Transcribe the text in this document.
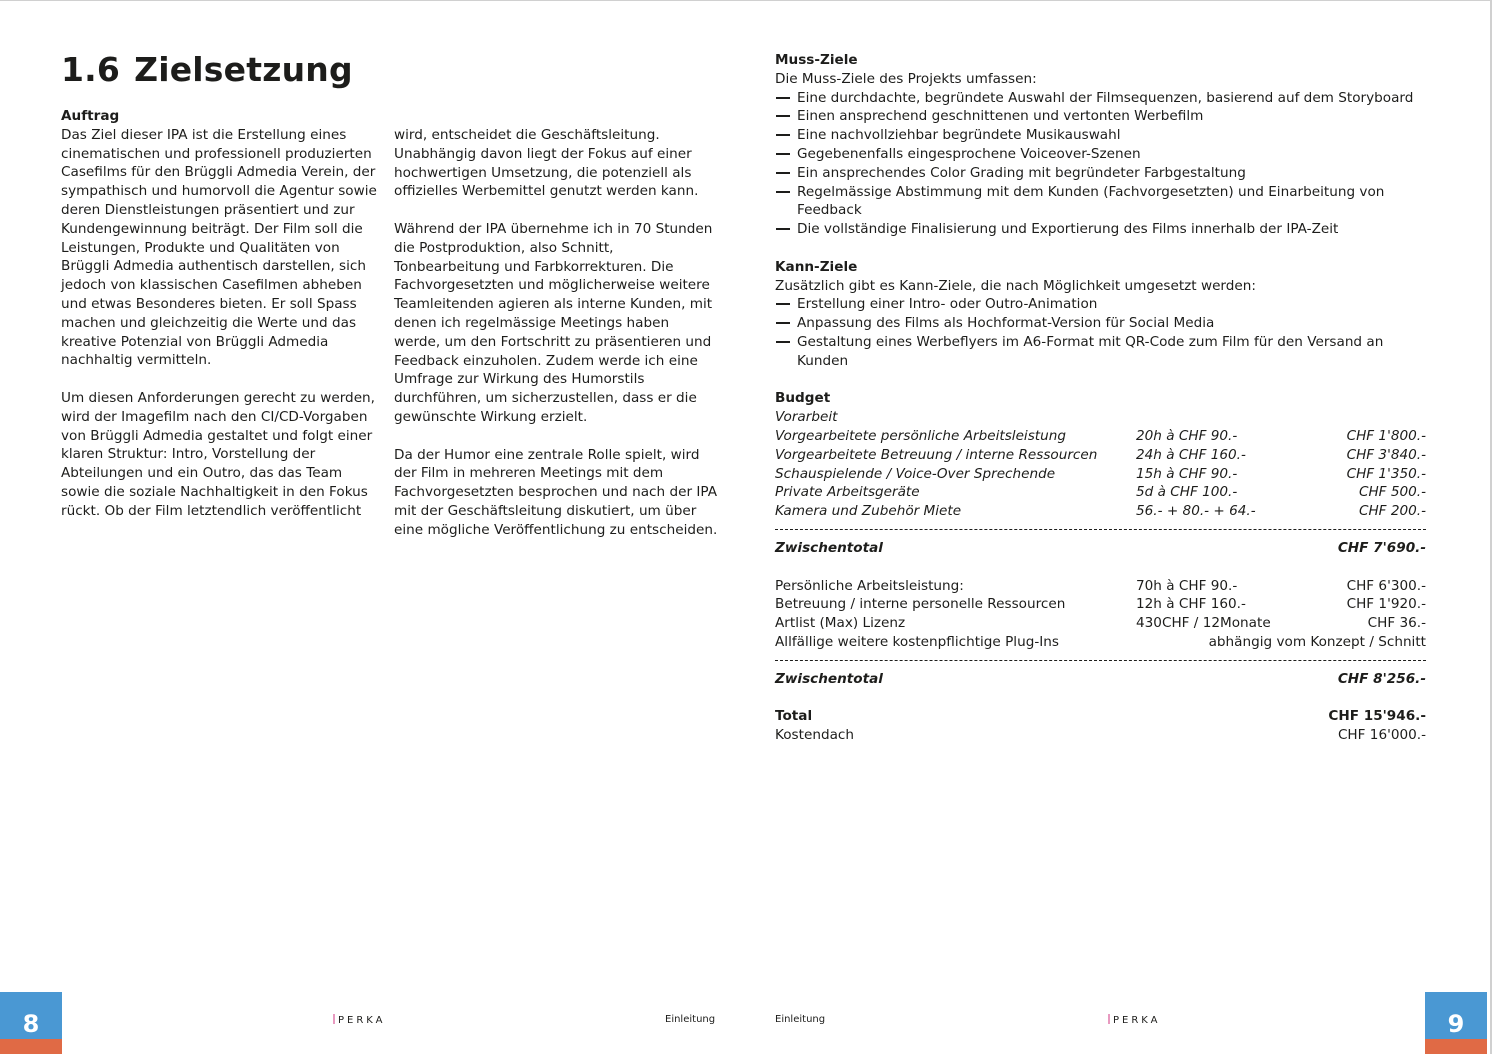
1.6 Zielsetzung
Auftrag

Das Ziel dieser IPA ist die Erstellung eines cinematischen und professionell produzierten Casefilms für den Brüggli Admedia Verein, der sympathisch und humorvoll die Agentur sowie deren Dienstleistungen präsentiert und zur Kundengewinnung beiträgt. Der Film soll die Leistungen, Produkte und Qualitäten von Brüggli Admedia authentisch darstellen, sich jedoch von klassischen Casefilmen abheben und etwas Besonderes bieten. Er soll Spass machen und gleichzeitig die Werte und das kreative Potenzial von Brüggli Admedia nachhaltig vermitteln.

Um diesen Anforderungen gerecht zu werden, wird der Imagefilm nach den CI/CD-Vorgaben von Brüggli Admedia gestaltet und folgt einer klaren Struktur: Intro, Vorstellung der Abteilungen und ein Outro, das das Team sowie die soziale Nachhaltigkeit in den Fokus rückt. Ob der Film letztendlich veröffentlicht

wird, entscheidet die Geschäftsleitung. Unabhängig davon liegt der Fokus auf einer hochwertigen Umsetzung, die potenziell als offizielles Werbemittel genutzt werden kann.

Während der IPA übernehme ich in 70 Stunden die Postproduktion, also Schnitt, Tonbearbeitung und Farbkorrekturen. Die Fachvorgesetzten und möglicherweise weitere Teamleitenden agieren als interne Kunden, mit denen ich regelmässige Meetings haben werde, um den Fortschritt zu präsentieren und Feedback einzuholen. Zudem werde ich eine Umfrage zur Wirkung des Humorstils durchführen, um sicherzustellen, dass er die gewünschte Wirkung erzielt.

Da der Humor eine zentrale Rolle spielt, wird der Film in mehreren Meetings mit dem Fachvorgesetzten besprochen und nach der IPA mit der Geschäftsleitung diskutiert, um über eine mögliche Veröffentlichung zu entscheiden.

Muss-Ziele
Die Muss-Ziele des Projekts umfassen:
Eine durchdachte, begründete Auswahl der Filmsequenzen, basierend auf dem Storyboard
Einen ansprechend geschnittenen und vertonten Werbefilm
Eine nachvollziehbar begründete Musikauswahl
Gegebenenfalls eingesprochene Voiceover-Szenen
Ein ansprechendes Color Grading mit begründeter Farbgestaltung
Regelmässige Abstimmung mit dem Kunden (Fachvorgesetzten) und Einarbeitung von Feedback
Die vollständige Finalisierung und Exportierung des Films innerhalb der IPA-Zeit
Kann-Ziele
Zusätzlich gibt es Kann-Ziele, die nach Möglichkeit umgesetzt werden:
Erstellung einer Intro- oder Outro-Animation
Anpassung des Films als Hochformat-Version für Social Media
Gestaltung eines Werbeflyers im A6-Format mit QR-Code zum Film für den Versand an Kunden
Budget
Vorarbeit
Vorgearbeitete persönliche Arbeitsleistung	20h à CHF 90.-	CHF 1'800.-
Vorgearbeitete Betreuung / interne Ressourcen	24h à CHF 160.-	CHF 3'840.-
Schauspielende / Voice-Over Sprechende	15h à CHF 90.-	CHF 1'350.-
Private Arbeitsgeräte	5d à CHF 100.-	CHF 500.-
Kamera und Zubehör Miete	56.- + 80.- + 64.-	CHF 200.-
Zwischentotal	CHF 7'690.-
Persönliche Arbeitsleistung:	70h à CHF 90.-	CHF 6'300.-
Betreuung / interne personelle Ressourcen	12h à CHF 160.-	CHF 1'920.-
Artlist (Max) Lizenz	430CHF / 12Monate	CHF 36.-
Allfällige weitere kostenpflichtige Plug-Ins	abhängig vom Konzept / Schnitt
Zwischentotal	CHF 8'256.-
Total	CHF 15'946.-
Kostendach	CHF 16'000.-
8	PERKA	Einleitung	Einleitung	PERKA	9
